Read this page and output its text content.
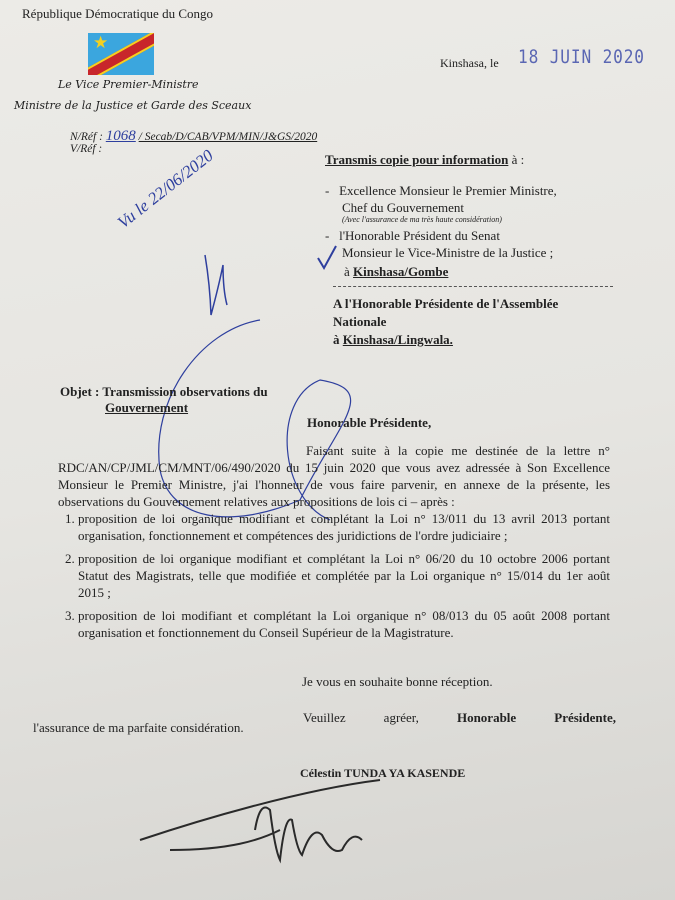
République Démocratique du Congo
★
Le Vice Premier-Ministre
Ministre de la Justice et Garde des Sceaux
Kinshasa, le 18 JUIN 2020
N/Réf : 1068 / Secab/D/CAB/VPM/MIN/J&GS/2020
V/Réf :
Transmis copie pour information à :
- Excellence Monsieur le Premier Ministre,
Chef du Gouvernement
(Avec l'assurance de ma très haute considération)
- l'Honorable Président du Senat
Monsieur le Vice-Ministre de la Justice ;
à Kinshasa/Gombe
A l'Honorable Présidente de l'Assemblée
Nationale
à Kinshasa/Lingwala.
Vu le 22/06/2020
Objet : Transmission observations du
Gouvernement
Honorable Présidente,
Faisant suite à la copie me destinée de la lettre n° RDC/AN/CP/JML/CM/MNT/06/490/2020 du 15 juin 2020 que vous avez adressée à Son Excellence Monsieur le Premier Ministre, j'ai l'honneur de vous faire parvenir, en annexe de la présente, les observations du Gouvernement relatives aux propositions de lois ci – après :
1. proposition de loi organique modifiant et complétant la Loi n° 13/011 du 13 avril 2013 portant organisation, fonctionnement et compétences des juridictions de l'ordre judiciaire ;
2. proposition de loi organique modifiant et complétant la Loi n° 06/20 du 10 octobre 2006 portant Statut des Magistrats, telle que modifiée et complétée par la Loi organique n° 15/014 du 1er août 2015 ;
3. proposition de loi modifiant et complétant la Loi organique n° 08/013 du 05 août 2008 portant organisation et fonctionnement du Conseil Supérieur de la Magistrature.
Je vous en souhaite bonne réception.
Veuillez	agréer,	Honorable	Présidente,
l'assurance de ma parfaite considération.
Célestin TUNDA YA KASENDE
